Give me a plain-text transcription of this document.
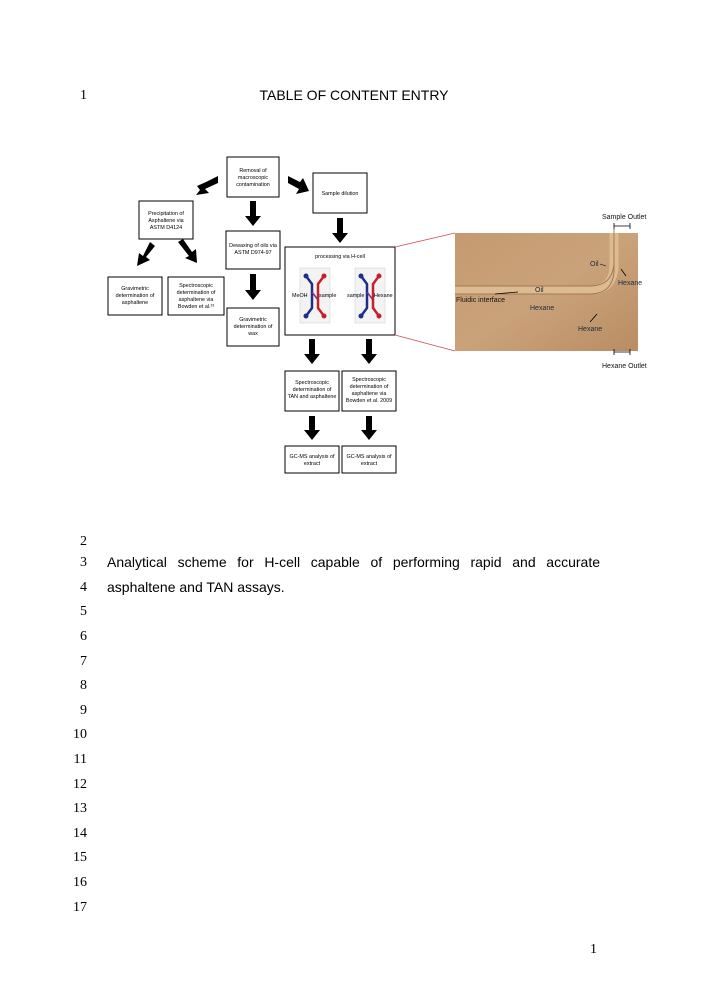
1	TABLE OF CONTENT ENTRY
Removal of
macroscopic
contamination
Sample dilution
Precipitation of
Asphaltene via
ASTM D4124
Dewaxing of oils via
ASTM D974-97
processing via H-cell
Gravimetric
determination of
asphaltene
Spectroscopic
determination of
asphaltene via
Bowden et al.²³
Gravimetric
determination of
wax
Spectroscopic
determination of
TAN and asphaltene
Spectroscopic
determination of
asphaltene via
Bowden et al. 2009
GC-MS analysis of
extract
GC-MS analysis of
extract
MeOH sample sample Hexane
Sample Outlet
Hexane Outlet
Oil
Hexane
Oil
Hexane
Hexane
Fluidic interface
2
3
4
5
6
7
8
9
10
11
12
13
14
15
16
17
Analytical scheme for H-cell capable of performing rapid and accurate
asphaltene and TAN assays.
1
